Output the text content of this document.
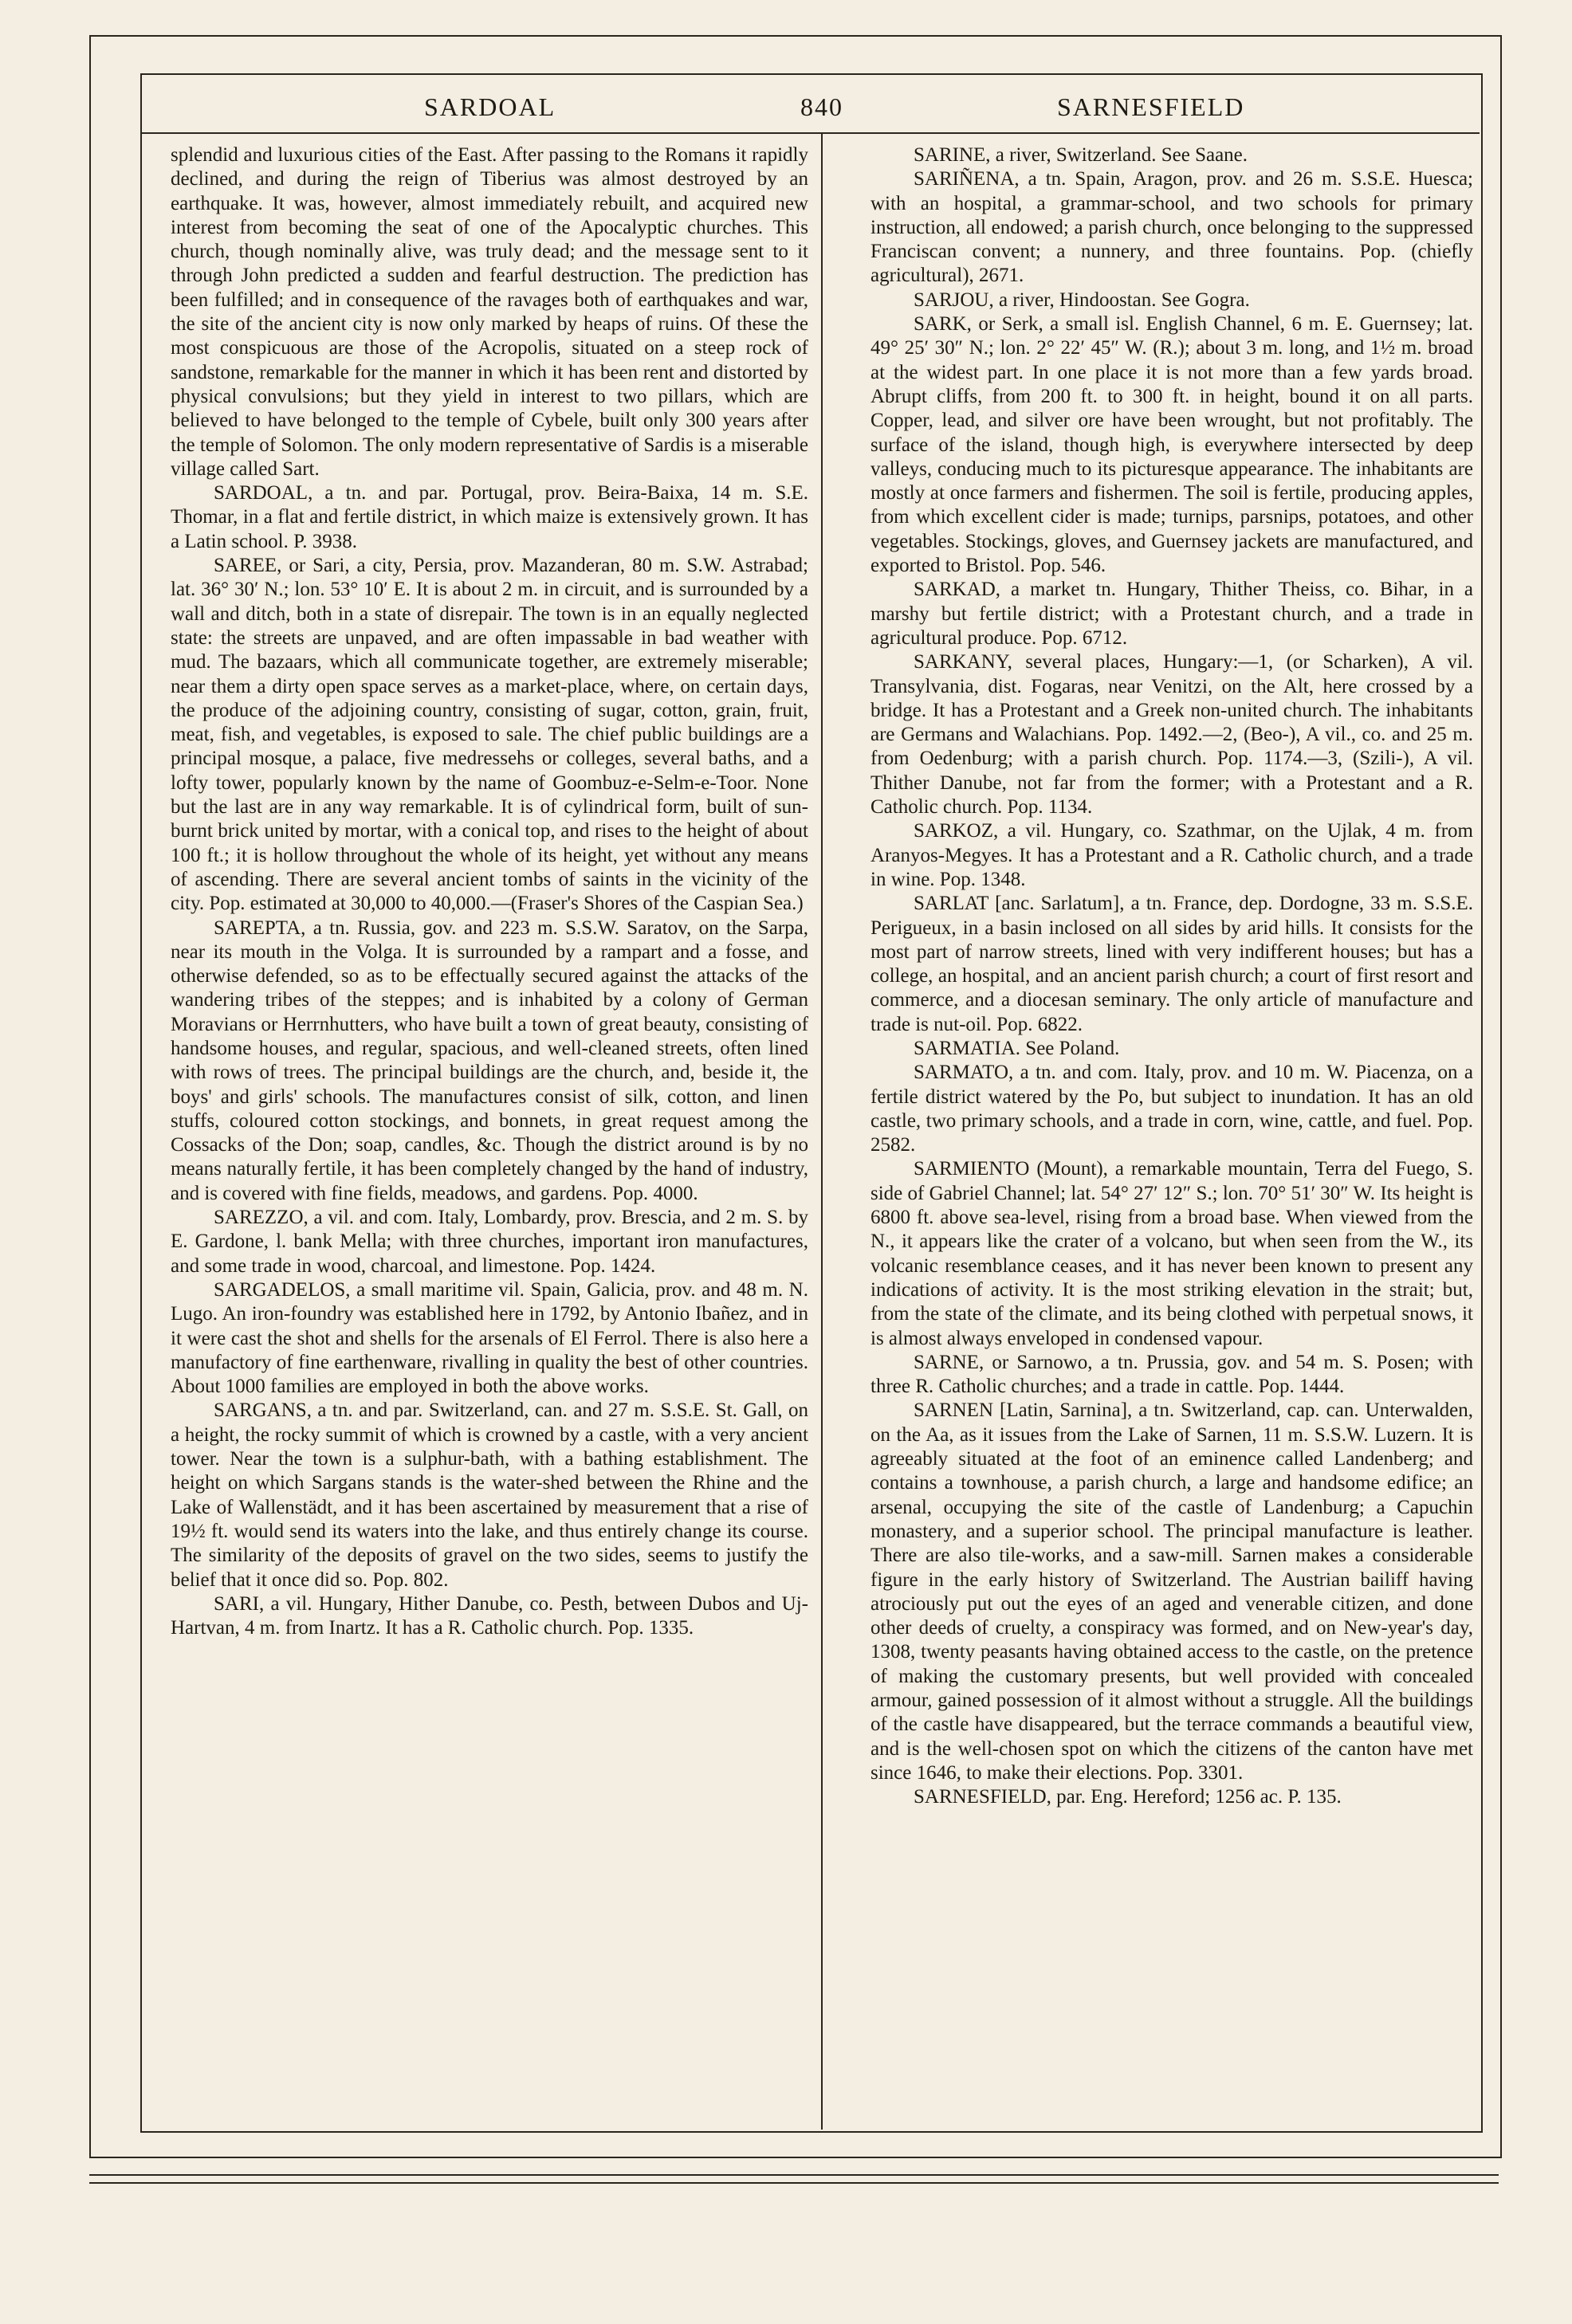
SARDOAL	840	SARNESFIELD

splendid and luxurious cities of the East. After passing to the Romans it rapidly declined, and during the reign of Tiberius was almost destroyed by an earthquake. It was, however, almost immediately rebuilt, and acquired new interest from becoming the seat of one of the Apocalyptic churches. This church, though nominally alive, was truly dead; and the message sent to it through John predicted a sudden and fearful destruction. The prediction has been fulfilled; and in consequence of the ravages both of earthquakes and war, the site of the ancient city is now only marked by heaps of ruins. Of these the most conspicuous are those of the Acropolis, situated on a steep rock of sandstone, remarkable for the manner in which it has been rent and distorted by physical convulsions; but they yield in interest to two pillars, which are believed to have belonged to the temple of Cybele, built only 300 years after the temple of Solomon. The only modern representative of Sardis is a miserable village called Sart.

SARDOAL, a tn. and par. Portugal, prov. Beira-Baixa, 14 m. S.E. Thomar, in a flat and fertile district, in which maize is extensively grown. It has a Latin school. P. 3938.

SAREE, or Sari, a city, Persia, prov. Mazanderan, 80 m. S.W. Astrabad; lat. 36° 30′ N.; lon. 53° 10′ E. It is about 2 m. in circuit, and is surrounded by a wall and ditch, both in a state of disrepair. The town is in an equally neglected state: the streets are unpaved, and are often impassable in bad weather with mud. The bazaars, which all communicate together, are extremely miserable; near them a dirty open space serves as a market-place, where, on certain days, the produce of the adjoining country, consisting of sugar, cotton, grain, fruit, meat, fish, and vegetables, is exposed to sale. The chief public buildings are a principal mosque, a palace, five medressehs or colleges, several baths, and a lofty tower, popularly known by the name of Goombuz-e-Selm-e-Toor. None but the last are in any way remarkable. It is of cylindrical form, built of sun-burnt brick united by mortar, with a conical top, and rises to the height of about 100 ft.; it is hollow throughout the whole of its height, yet without any means of ascending. There are several ancient tombs of saints in the vicinity of the city. Pop. estimated at 30,000 to 40,000.—(Fraser's Shores of the Caspian Sea.)

SAREPTA, a tn. Russia, gov. and 223 m. S.S.W. Saratov, on the Sarpa, near its mouth in the Volga. It is surrounded by a rampart and a fosse, and otherwise defended, so as to be effectually secured against the attacks of the wandering tribes of the steppes; and is inhabited by a colony of German Moravians or Herrnhutters, who have built a town of great beauty, consisting of handsome houses, and regular, spacious, and well-cleaned streets, often lined with rows of trees. The principal buildings are the church, and, beside it, the boys' and girls' schools. The manufactures consist of silk, cotton, and linen stuffs, coloured cotton stockings, and bonnets, in great request among the Cossacks of the Don; soap, candles, &c. Though the district around is by no means naturally fertile, it has been completely changed by the hand of industry, and is covered with fine fields, meadows, and gardens. Pop. 4000.

SAREZZO, a vil. and com. Italy, Lombardy, prov. Brescia, and 2 m. S. by E. Gardone, l. bank Mella; with three churches, important iron manufactures, and some trade in wood, charcoal, and limestone. Pop. 1424.

SARGADELOS, a small maritime vil. Spain, Galicia, prov. and 48 m. N. Lugo. An iron-foundry was established here in 1792, by Antonio Ibañez, and in it were cast the shot and shells for the arsenals of El Ferrol. There is also here a manufactory of fine earthenware, rivalling in quality the best of other countries. About 1000 families are employed in both the above works.

SARGANS, a tn. and par. Switzerland, can. and 27 m. S.S.E. St. Gall, on a height, the rocky summit of which is crowned by a castle, with a very ancient tower. Near the town is a sulphur-bath, with a bathing establishment. The height on which Sargans stands is the water-shed between the Rhine and the Lake of Wallenstädt, and it has been ascertained by measurement that a rise of 19½ ft. would send its waters into the lake, and thus entirely change its course. The similarity of the deposits of gravel on the two sides, seems to justify the belief that it once did so. Pop. 802.

SARI, a vil. Hungary, Hither Danube, co. Pesth, between Dubos and Uj-Hartvan, 4 m. from Inartz. It has a R. Catholic church. Pop. 1335.

SARINE, a river, Switzerland. See Saane.

SARIÑENA, a tn. Spain, Aragon, prov. and 26 m. S.S.E. Huesca; with an hospital, a grammar-school, and two schools for primary instruction, all endowed; a parish church, once belonging to the suppressed Franciscan convent; a nunnery, and three fountains. Pop. (chiefly agricultural), 2671.

SARJOU, a river, Hindoostan. See Gogra.

SARK, or Serk, a small isl. English Channel, 6 m. E. Guernsey; lat. 49° 25′ 30″ N.; lon. 2° 22′ 45″ W. (R.); about 3 m. long, and 1½ m. broad at the widest part. In one place it is not more than a few yards broad. Abrupt cliffs, from 200 ft. to 300 ft. in height, bound it on all parts. Copper, lead, and silver ore have been wrought, but not profitably. The surface of the island, though high, is everywhere intersected by deep valleys, conducing much to its picturesque appearance. The inhabitants are mostly at once farmers and fishermen. The soil is fertile, producing apples, from which excellent cider is made; turnips, parsnips, potatoes, and other vegetables. Stockings, gloves, and Guernsey jackets are manufactured, and exported to Bristol. Pop. 546.

SARKAD, a market tn. Hungary, Thither Theiss, co. Bihar, in a marshy but fertile district; with a Protestant church, and a trade in agricultural produce. Pop. 6712.

SARKANY, several places, Hungary:—1, (or Scharken), A vil. Transylvania, dist. Fogaras, near Venitzi, on the Alt, here crossed by a bridge. It has a Protestant and a Greek non-united church. The inhabitants are Germans and Walachians. Pop. 1492.—2, (Beo-), A vil., co. and 25 m. from Oedenburg; with a parish church. Pop. 1174.—3, (Szili-), A vil. Thither Danube, not far from the former; with a Protestant and a R. Catholic church. Pop. 1134.

SARKOZ, a vil. Hungary, co. Szathmar, on the Ujlak, 4 m. from Aranyos-Megyes. It has a Protestant and a R. Catholic church, and a trade in wine. Pop. 1348.

SARLAT [anc. Sarlatum], a tn. France, dep. Dordogne, 33 m. S.S.E. Perigueux, in a basin inclosed on all sides by arid hills. It consists for the most part of narrow streets, lined with very indifferent houses; but has a college, an hospital, and an ancient parish church; a court of first resort and commerce, and a diocesan seminary. The only article of manufacture and trade is nut-oil. Pop. 6822.

SARMATIA. See Poland.

SARMATO, a tn. and com. Italy, prov. and 10 m. W. Piacenza, on a fertile district watered by the Po, but subject to inundation. It has an old castle, two primary schools, and a trade in corn, wine, cattle, and fuel. Pop. 2582.

SARMIENTO (Mount), a remarkable mountain, Terra del Fuego, S. side of Gabriel Channel; lat. 54° 27′ 12″ S.; lon. 70° 51′ 30″ W. Its height is 6800 ft. above sea-level, rising from a broad base. When viewed from the N., it appears like the crater of a volcano, but when seen from the W., its volcanic resemblance ceases, and it has never been known to present any indications of activity. It is the most striking elevation in the strait; but, from the state of the climate, and its being clothed with perpetual snows, it is almost always enveloped in condensed vapour.

SARNE, or Sarnowo, a tn. Prussia, gov. and 54 m. S. Posen; with three R. Catholic churches; and a trade in cattle. Pop. 1444.

SARNEN [Latin, Sarnina], a tn. Switzerland, cap. can. Unterwalden, on the Aa, as it issues from the Lake of Sarnen, 11 m. S.S.W. Luzern. It is agreeably situated at the foot of an eminence called Landenberg; and contains a townhouse, a parish church, a large and handsome edifice; an arsenal, occupying the site of the castle of Landenburg; a Capuchin monastery, and a superior school. The principal manufacture is leather. There are also tile-works, and a saw-mill. Sarnen makes a considerable figure in the early history of Switzerland. The Austrian bailiff having atrociously put out the eyes of an aged and venerable citizen, and done other deeds of cruelty, a conspiracy was formed, and on New-year's day, 1308, twenty peasants having obtained access to the castle, on the pretence of making the customary presents, but well provided with concealed armour, gained possession of it almost without a struggle. All the buildings of the castle have disappeared, but the terrace commands a beautiful view, and is the well-chosen spot on which the citizens of the canton have met since 1646, to make their elections. Pop. 3301.

SARNESFIELD, par. Eng. Hereford; 1256 ac. P. 135.
